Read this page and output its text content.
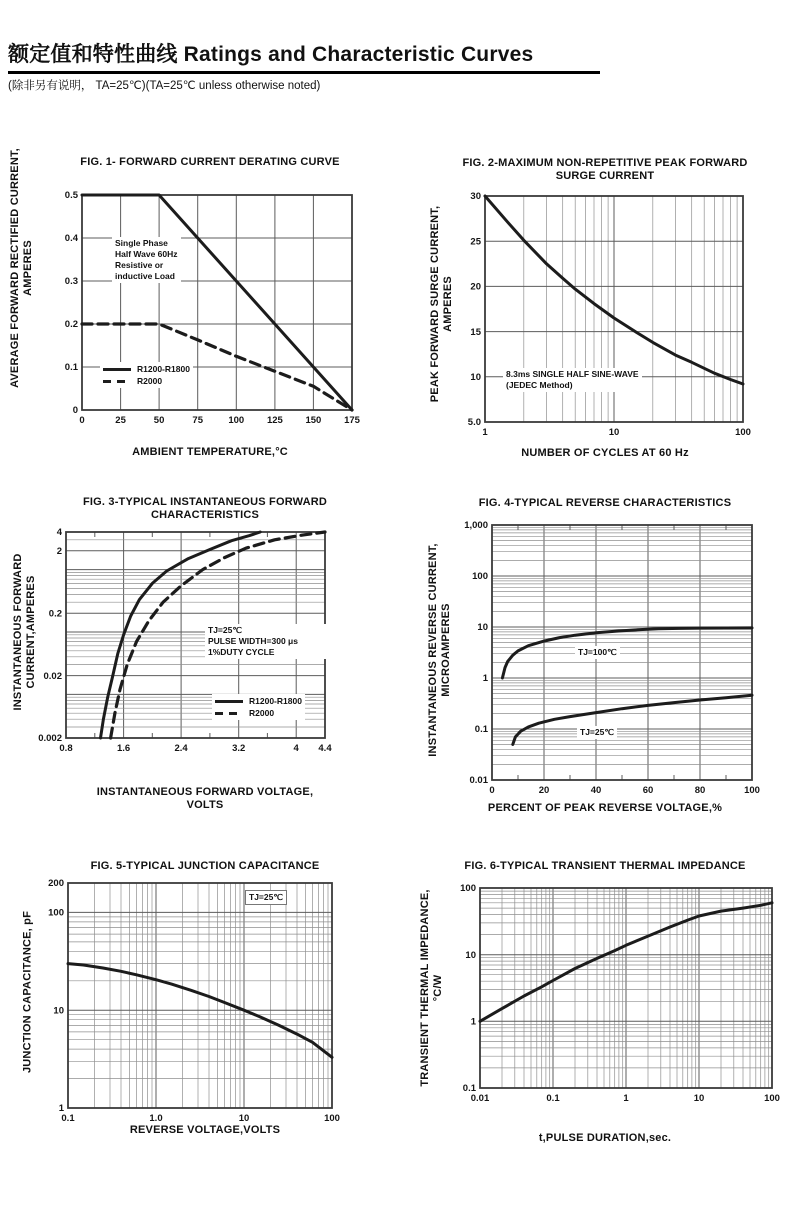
额定值和特性曲线 Ratings and Characteristic Curves
(除非另有说明， TA=25℃)(TA=25℃ unless otherwise noted)
FIG. 1- FORWARD CURRENT DERATING CURVE
AVERAGE FORWARD RECTIFIED CURRENT, AMPERES
0	25	50	75	100 125 150 175
0
0.1
0.2
0.3
0.4
0.5
Single Phase
Half Wave 60Hz
Resistive or
inductive Load
R1200-R1800
R2000
AMBIENT TEMPERATURE,°C
FIG. 2-MAXIMUM NON-REPETITIVE PEAK FORWARD
SURGE CURRENT
PEAK FORWARD SURGE CURRENT, AMPERES
1	10	100
5.0
10
15
20
25
30
8.3ms SINGLE HALF SINE-WAVE
(JEDEC Method)
NUMBER OF CYCLES AT 60 Hz
FIG. 3-TYPICAL INSTANTANEOUS FORWARD
CHARACTERISTICS
INSTANTANEOUS FORWARD CURRENT,AMPERES
0.8	1.6	2.4	3.2	4 4.4
0.002
0.02
0.2
2
4
TJ=25℃
PULSE WIDTH=300 μs
1%DUTY CYCLE
R1200-R1800
R2000
INSTANTANEOUS FORWARD VOLTAGE,
VOLTS
FIG. 4-TYPICAL REVERSE CHARACTERISTICS
INSTANTANEOUS REVERSE CURRENT, MICROAMPERES
0	20	40	60	80	100
0.01
0.1
1
10
100
1,000
TJ=100℃
TJ=25℃
PERCENT OF PEAK REVERSE VOLTAGE,%
FIG. 5-TYPICAL JUNCTION CAPACITANCE
JUNCTION CAPACITANCE, pF
0.1	1.0	10	100
1
10
100
200
TJ=25℃
REVERSE VOLTAGE,VOLTS
FIG. 6-TYPICAL TRANSIENT THERMAL IMPEDANCE
TRANSIENT THERMAL IMPEDANCE, °C/W
0.01	0.1	1	10	100
0.1
1
10
100
t,PULSE DURATION,sec.
